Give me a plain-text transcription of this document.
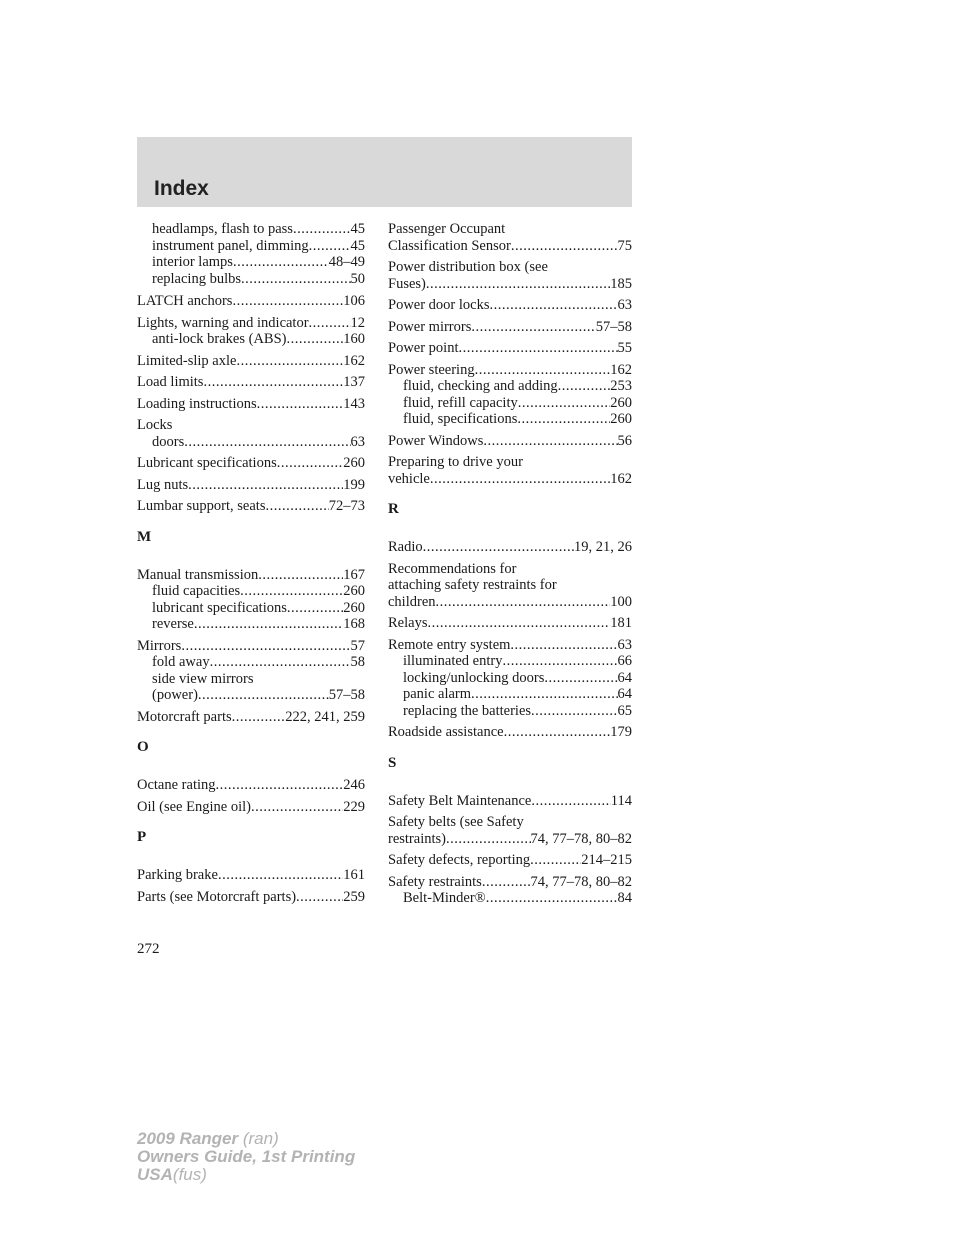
Index
headlamps, flash to pass .....	45
instrument panel, dimming .....	45
interior lamps .....	48–49
replacing bulbs .....	50
LATCH anchors .....	106
Lights, warning and indicator .....	12
anti-lock brakes (ABS) .....	160
Limited-slip axle .....	162
Load limits .....	137
Loading instructions .....	143
Locks
doors .....	63
Lubricant specifications .....	260
Lug nuts .....	199
Lumbar support, seats .....	72–73
M
Manual transmission .....	167
fluid capacities .....	260
lubricant specifications .....	260
reverse .....	168
Mirrors .....	57
fold away .....	58
side view mirrors
(power) .....	57–58
Motorcraft parts .....	222, 241, 259
O
Octane rating .....	246
Oil (see Engine oil) .....	229
P
Parking brake .....	161
Parts (see Motorcraft parts) .....	259
Passenger Occupant
Classification Sensor .....	75
Power distribution box (see
Fuses) .....	185
Power door locks .....	63
Power mirrors .....	57–58
Power point .....	55
Power steering .....	162
fluid, checking and adding .....	253
fluid, refill capacity .....	260
fluid, specifications .....	260
Power Windows .....	56
Preparing to drive your
vehicle .....	162
R
Radio .....	19, 21, 26
Recommendations for
attaching safety restraints for
children .....	100
Relays .....	181
Remote entry system .....	63
illuminated entry .....	66
locking/unlocking doors .....	64
panic alarm .....	64
replacing the batteries .....	65
Roadside assistance .....	179
S
Safety Belt Maintenance .....	114
Safety belts (see Safety
restraints) .....	74, 77–78, 80–82
Safety defects, reporting .....	214–215
Safety restraints .....	74, 77–78, 80–82
Belt-Minder® .....	84
272
2009 Ranger (ran)
Owners Guide, 1st Printing
USA(fus)
